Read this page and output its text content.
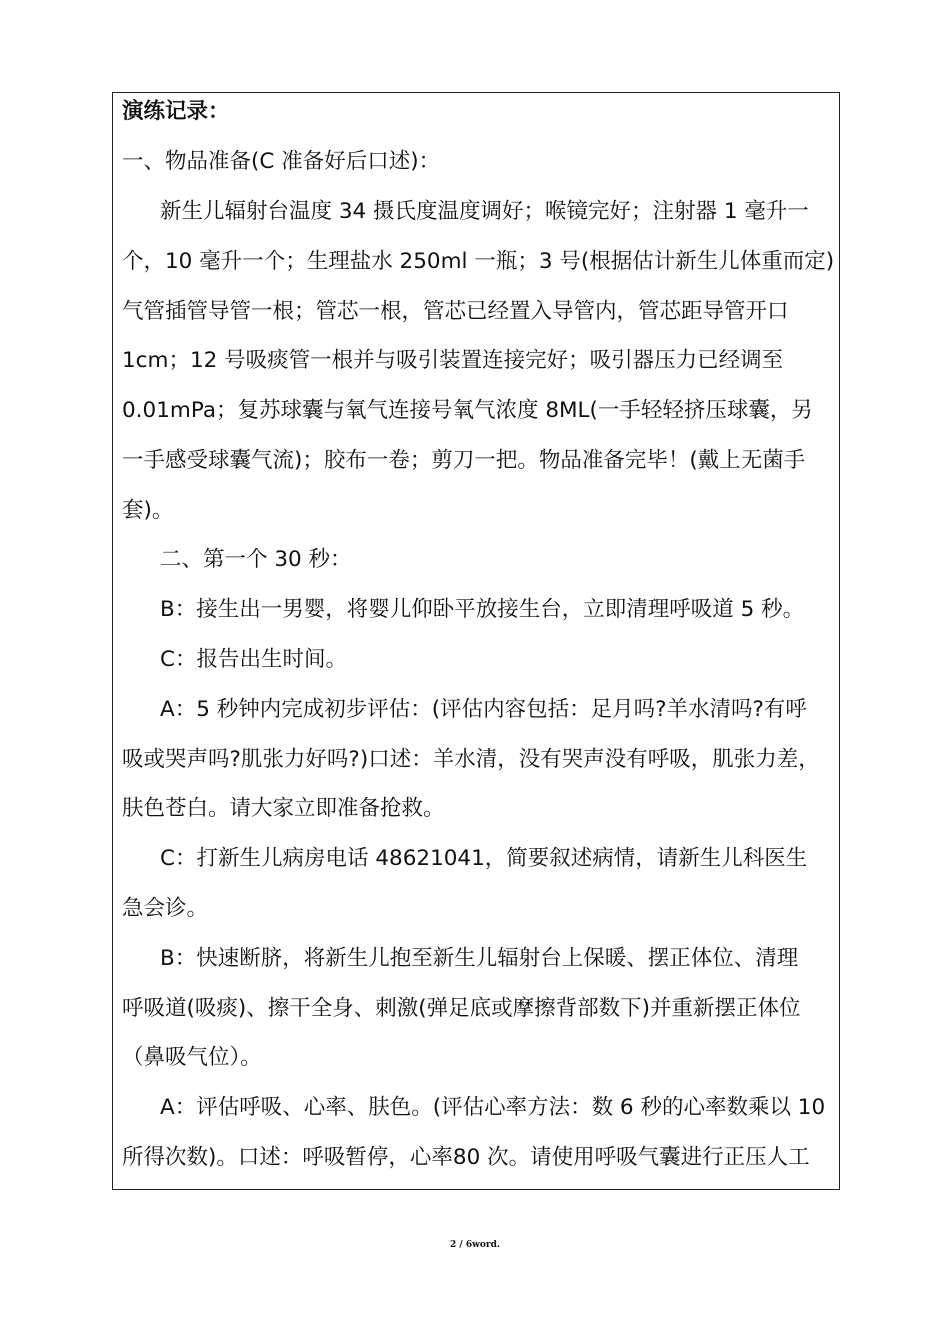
演练记录：
一、物品准备(C 准备好后口述)：
新生儿辐射台温度 34 摄氏度温度调好；喉镜完好；注射器 1 毫升一
个，10 毫升一个；生理盐水 250ml 一瓶；3 号(根据估计新生儿体重而定)
气管插管导管一根；管芯一根，管芯已经置入导管内，管芯距导管开口
1cm；12 号吸痰管一根并与吸引装置连接完好；吸引器压力已经调至
0.01mPa；复苏球囊与氧气连接号氧气浓度 8ML(一手轻轻挤压球囊，另
一手感受球囊气流)；胶布一卷；剪刀一把。物品准备完毕！(戴上无菌手
套)。
二、第一个 30 秒：
B：接生出一男婴，将婴儿仰卧平放接生台，立即清理呼吸道 5 秒。
C：报告出生时间。
A：5 秒钟内完成初步评估：(评估内容包括：足月吗?羊水清吗?有呼
吸或哭声吗?肌张力好吗?)口述：羊水清，没有哭声没有呼吸，肌张力差，
肤色苍白。请大家立即准备抢救。
C：打新生儿病房电话 48621041，简要叙述病情，请新生儿科医生
急会诊。
B：快速断脐，将新生儿抱至新生儿辐射台上保暖、摆正体位、清理
呼吸道(吸痰)、擦干全身、刺激(弹足底或摩擦背部数下)并重新摆正体位
（鼻吸气位）。
A：评估呼吸、心率、肤色。(评估心率方法：数 6 秒的心率数乘以 10
所得次数)。口述：呼吸暂停，心率80 次。请使用呼吸气囊进行正压人工
2 / 6word.
